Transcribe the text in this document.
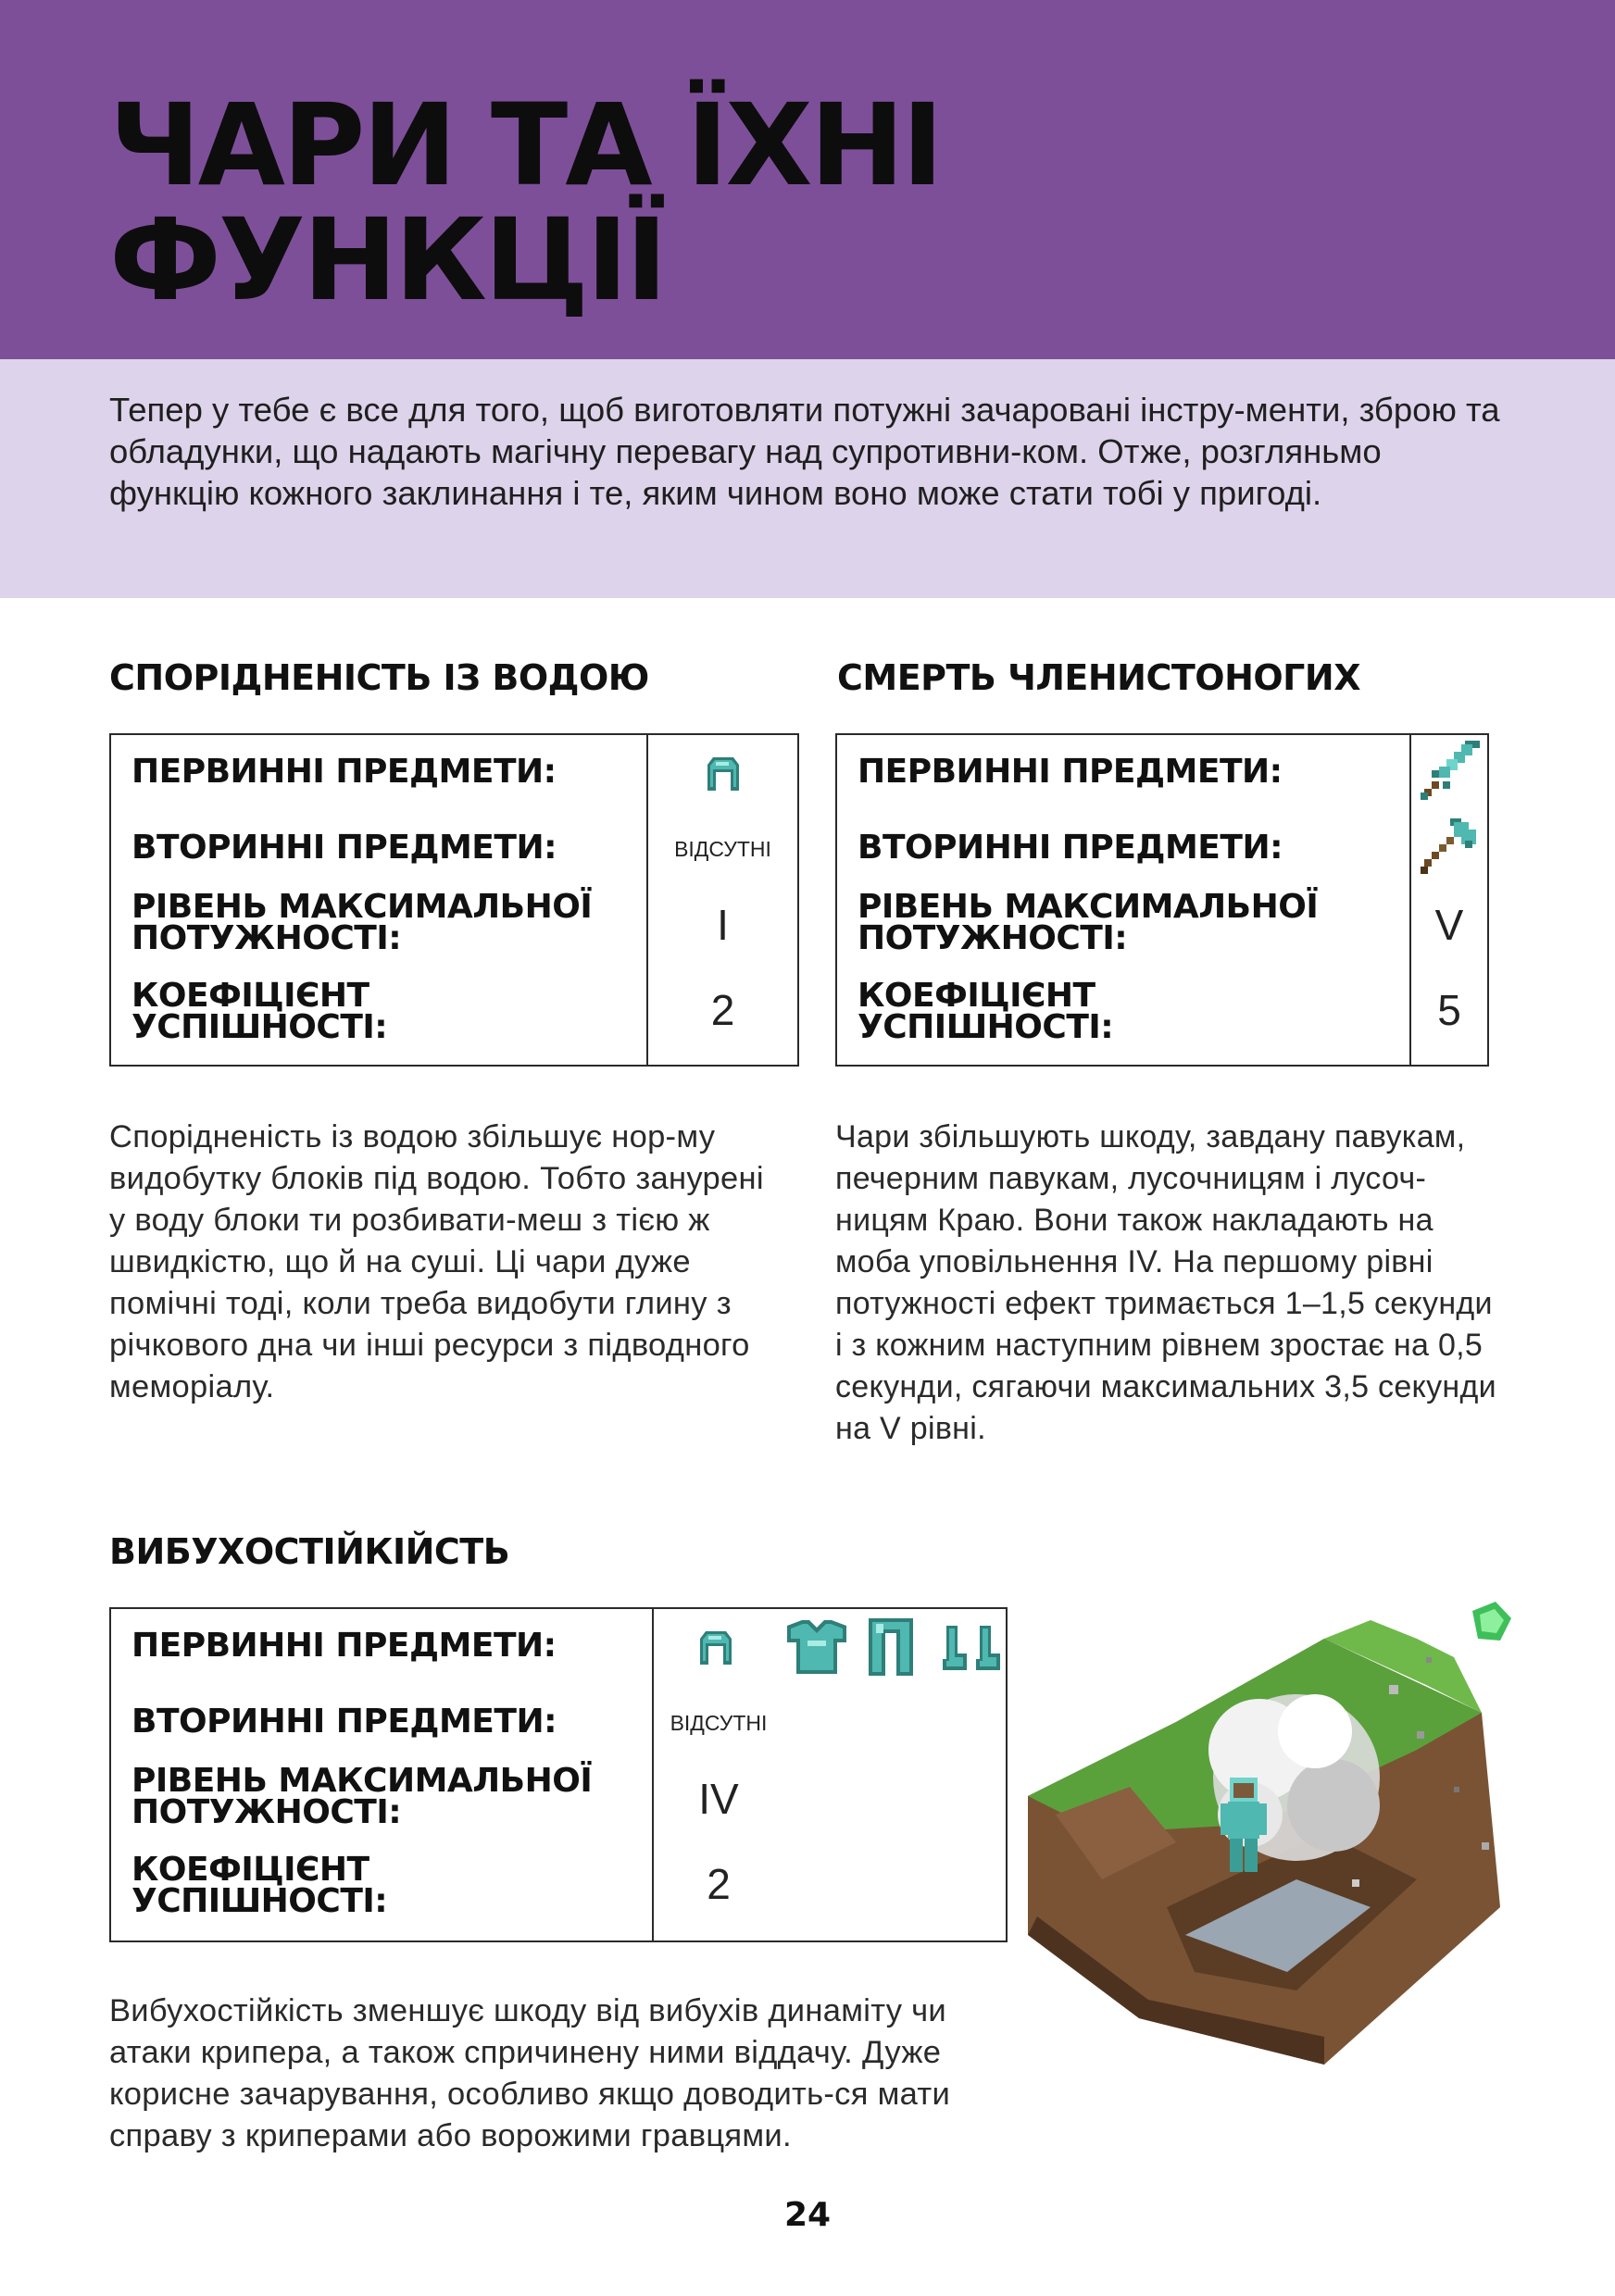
ЧАРИ ТА ЇХНІ
ФУНКЦІЇ

Тепер у тебе є все для того, щоб виготовляти потужні зачаровані інстру-менти, зброю та обладунки, що надають магічну перевагу над супротивни-ком. Отже, розгляньмо функцію кожного заклинання і те, яким чином воно може стати тобі у пригоді.

СПОРІДНЕНІСТЬ ІЗ ВОДОЮ

ПЕРВИННІ ПРЕДМЕТИ:

ВТОРИННІ ПРЕДМЕТИ:

РІВЕНЬ МАКСИМАЛЬНОЇ

ПОТУЖНОСТІ:

КОЕФІЦІЄНТ

УСПІШНОСТІ:

ВІДСУТНІ
I
2

Спорідненість із водою збільшує нор-му видобутку блоків під водою. Тобто занурені у воду блоки ти розбивати-меш з тією ж швидкістю, що й на суші. Ці чари дуже помічні тоді, коли треба видобути глину з річкового дна чи інші ресурси з підводного меморіалу.

СМЕРТЬ ЧЛЕНИСТОНОГИХ

ПЕРВИННІ ПРЕДМЕТИ:

ВТОРИННІ ПРЕДМЕТИ:

РІВЕНЬ МАКСИМАЛЬНОЇ

ПОТУЖНОСТІ:

КОЕФІЦІЄНТ

УСПІШНОСТІ:

V
5

Чари збільшують шкоду, завдану павукам, печерним павукам, лусочницям і лусоч-ницям Краю. Вони також накладають на моба уповільнення IV. На першому рівні потужності ефект тримається 1–1,5 секунди і з кожним наступним рівнем зростає на 0,5 секунди, сягаючи максимальних 3,5 секунди на V рівні.

ВИБУХОСТІЙКІЙСТЬ

ПЕРВИННІ ПРЕДМЕТИ:

ВТОРИННІ ПРЕДМЕТИ:

РІВЕНЬ МАКСИМАЛЬНОЇ

ПОТУЖНОСТІ:

КОЕФІЦІЄНТ

УСПІШНОСТІ:

ВІДСУТНІ
IV
2

Вибухостійкість зменшує шкоду від вибухів динаміту чи атаки крипера, а також спричинену ними віддачу. Дуже корисне зачарування, особливо якщо доводить-ся мати справу з криперами або ворожими гравцями.

24
